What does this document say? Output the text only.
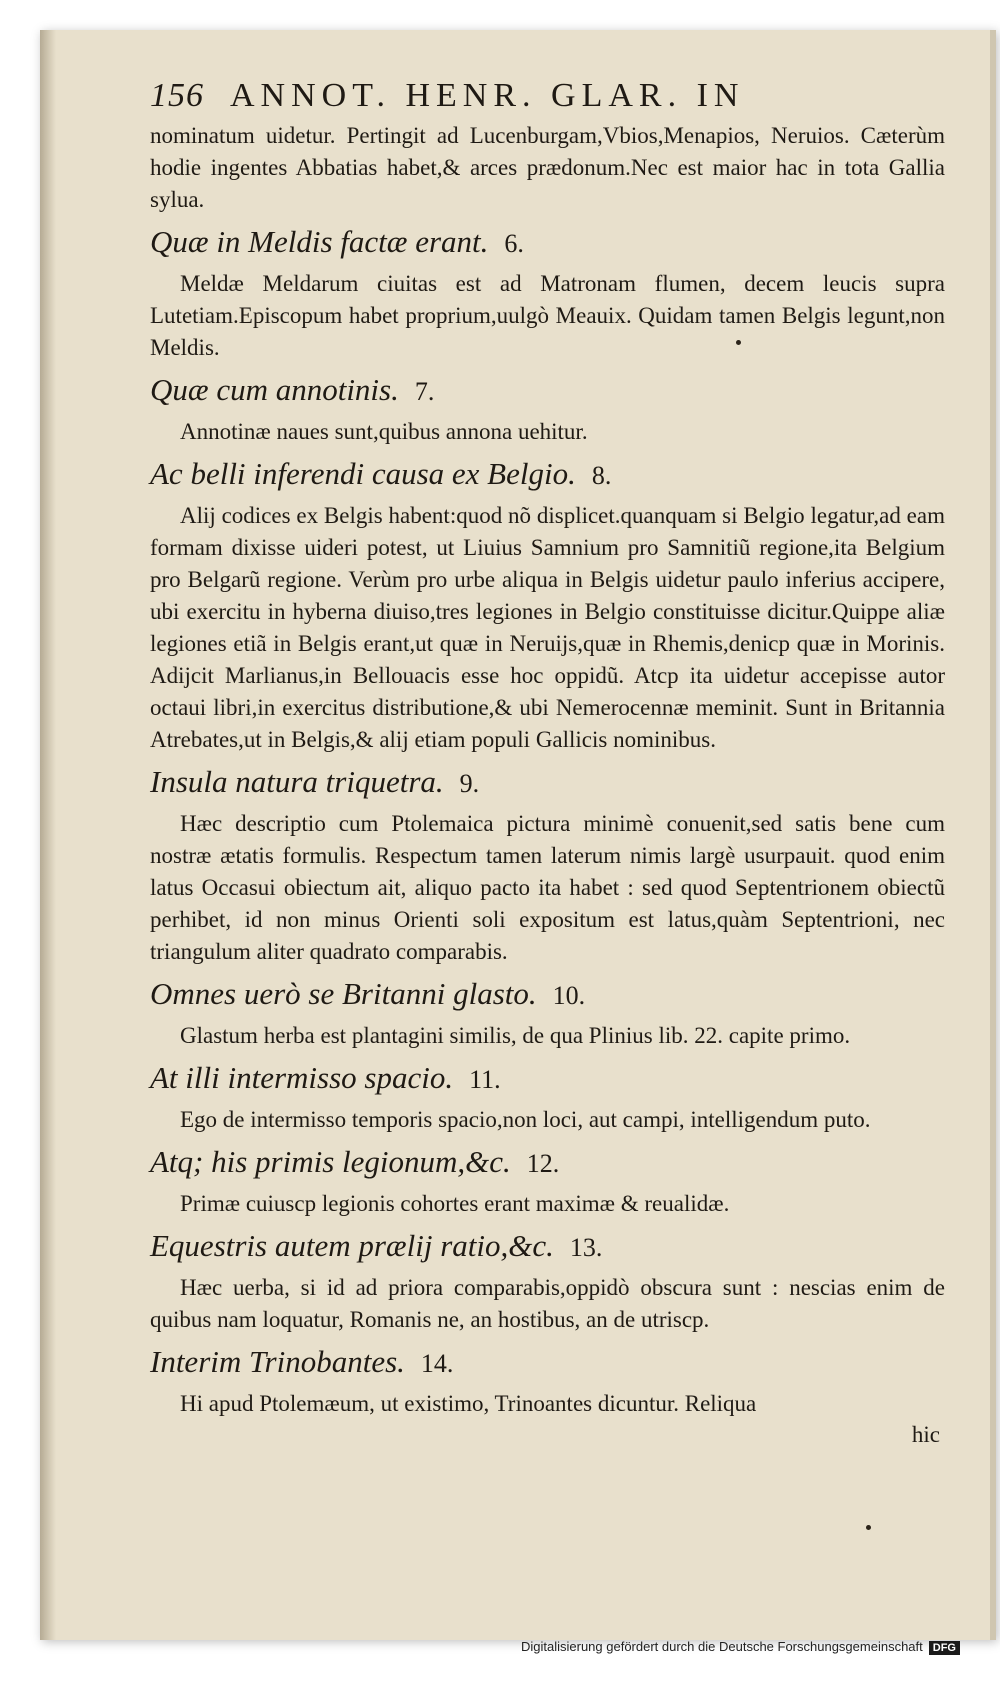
156 ANNOT. HENR. GLAR. IN

nominatum uidetur. Pertingit ad Lucenburgam,Vbios,Menapios, Neruios. Cæterùm hodie ingentes Abbatias habet,& arces prædonum.Nec est maior hac in tota Gallia sylua.

Quæ in Meldis factæ erant. 6.

Meldæ Meldarum ciuitas est ad Matronam flumen, decem leucis supra Lutetiam.Episcopum habet proprium,uulgò Meauix. Quidam tamen Belgis legunt,non Meldis.

Quæ cum annotinis. 7.

Annotinæ naues sunt,quibus annona uehitur.

Ac belli inferendi causa ex Belgio. 8.

Alij codices ex Belgis habent:quod nõ displicet.quanquam si Belgio legatur,ad eam formam dixisse uideri potest, ut Liuius Samnium pro Samnitiũ regione,ita Belgium pro Belgarũ regione. Verùm pro urbe aliqua in Belgis uidetur paulo inferius accipere, ubi exercitu in hyberna diuiso,tres legiones in Belgio constituisse dicitur.Quippe aliæ legiones etiã in Belgis erant,ut quæ in Neruijs,quæ in Rhemis,denicp quæ in Morinis. Adijcit Marlianus,in Bellouacis esse hoc oppidũ. Atcp ita uidetur accepisse autor octaui libri,in exercitus distributione,& ubi Nemerocennæ meminit. Sunt in Britannia Atrebates,ut in Belgis,& alij etiam populi Gallicis nominibus.

Insula natura triquetra. 9.

Hæc descriptio cum Ptolemaica pictura minimè conuenit,sed satis bene cum nostræ ætatis formulis. Respectum tamen laterum nimis largè usurpauit. quod enim latus Occasui obiectum ait, aliquo pacto ita habet : sed quod Septentrionem obiectũ perhibet, id non minus Orienti soli expositum est latus,quàm Septentrioni, nec triangulum aliter quadrato comparabis.

Omnes uerò se Britanni glasto. 10.

Glastum herba est plantagini similis, de qua Plinius lib. 22. capite primo.

At illi intermisso spacio. 11.

Ego de intermisso temporis spacio,non loci, aut campi, intelligendum puto.

Atq; his primis legionum,&c. 12.

Primæ cuiuscp legionis cohortes erant maximæ & reualidæ.

Equestris autem prælij ratio,&c. 13.

Hæc uerba, si id ad priora comparabis,oppidò obscura sunt : nescias enim de quibus nam loquatur, Romanis ne, an hostibus, an de utriscp.

Interim Trinobantes. 14.

Hi apud Ptolemæum, ut existimo, Trinoantes dicuntur. Reliqua

hic
Digitalisierung gefördert durch die Deutsche Forschungsgemeinschaft DFG
